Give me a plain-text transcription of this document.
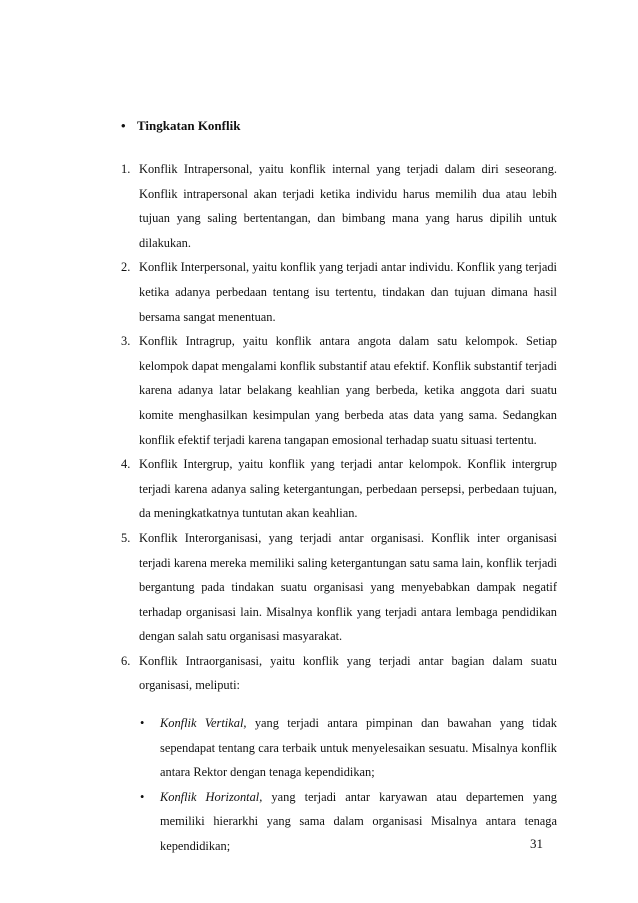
• Tingkatan Konflik
1. Konflik Intrapersonal, yaitu konflik internal yang terjadi dalam diri seseorang. Konflik intrapersonal akan terjadi ketika individu harus memilih dua atau lebih tujuan yang saling bertentangan, dan bimbang mana yang harus dipilih untuk dilakukan.
2. Konflik Interpersonal, yaitu konflik yang terjadi antar individu. Konflik yang terjadi ketika adanya perbedaan tentang isu tertentu, tindakan dan tujuan dimana hasil bersama sangat menentuan.
3. Konflik Intragrup, yaitu konflik antara angota dalam satu kelompok. Setiap kelompok dapat mengalami konflik substantif atau efektif. Konflik substantif terjadi karena adanya latar belakang keahlian yang berbeda, ketika anggota dari suatu komite menghasilkan kesimpulan yang berbeda atas data yang sama. Sedangkan konflik efektif terjadi karena tangapan emosional terhadap suatu situasi tertentu.
4. Konflik Intergrup, yaitu konflik yang terjadi antar kelompok. Konflik intergrup terjadi karena adanya saling ketergantungan, perbedaan persepsi, perbedaan tujuan, da meningkatkatnya tuntutan akan keahlian.
5. Konflik Interorganisasi, yang terjadi antar organisasi. Konflik inter organisasi terjadi karena mereka memiliki saling ketergantungan satu sama lain, konflik terjadi bergantung pada tindakan suatu organisasi yang menyebabkan dampak negatif terhadap organisasi lain. Misalnya konflik yang terjadi antara lembaga pendidikan dengan salah satu organisasi masyarakat.
6. Konflik Intraorganisasi, yaitu konflik yang terjadi antar bagian dalam suatu organisasi, meliputi:
• Konflik Vertikal, yang terjadi antara pimpinan dan bawahan yang tidak sependapat tentang cara terbaik untuk menyelesaikan sesuatu. Misalnya konflik antara Rektor dengan tenaga kependidikan;
• Konflik Horizontal, yang terjadi antar karyawan atau departemen yang memiliki hierarkhi yang sama dalam organisasi Misalnya antara tenaga kependidikan;	31
